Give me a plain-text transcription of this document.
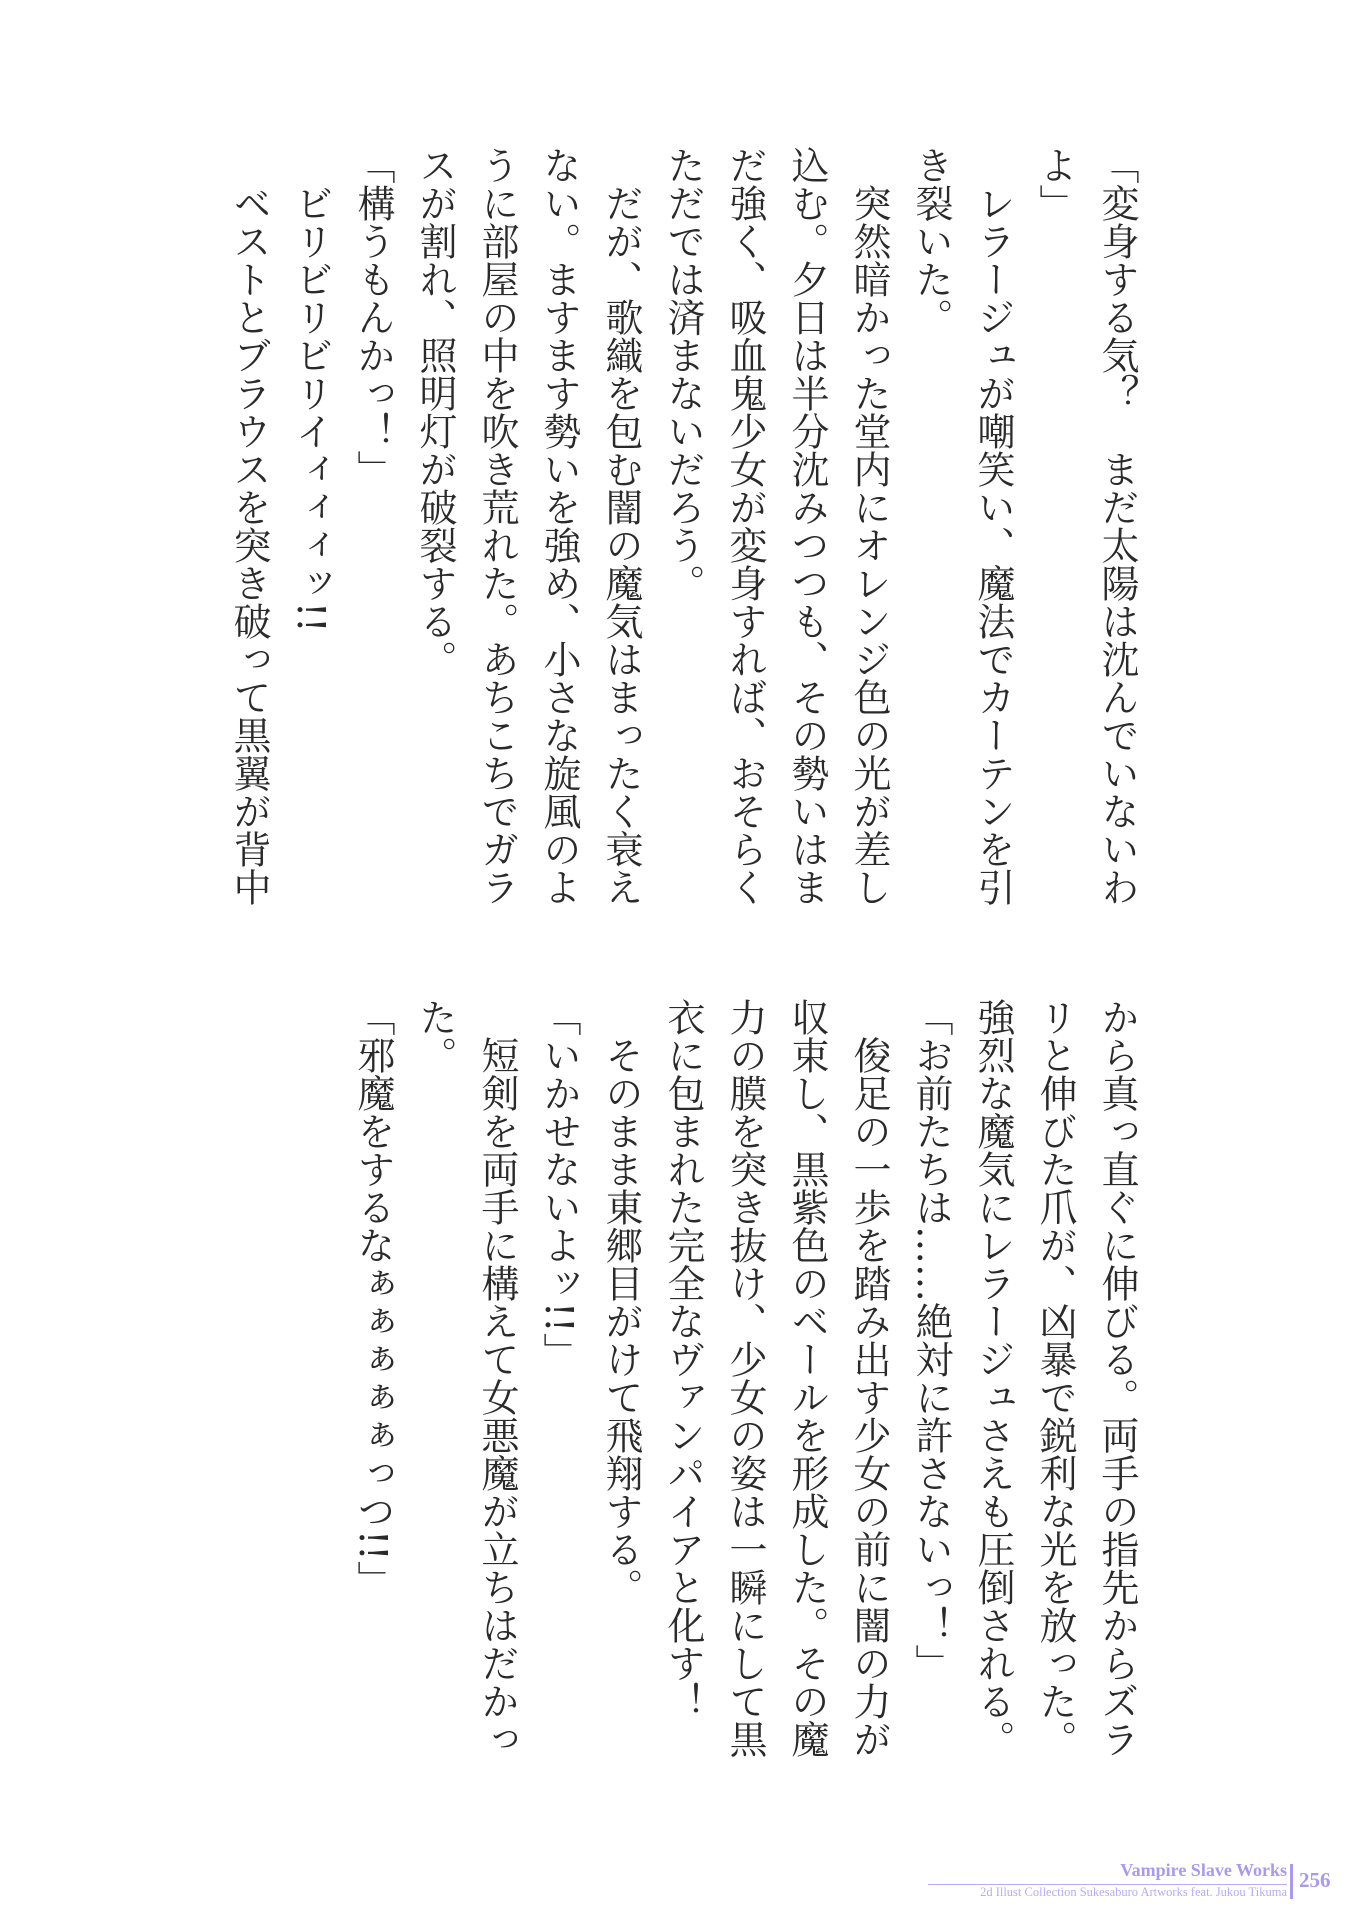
「変身する気？　まだ太陽は沈んでいないわ
よ」
　レラージュが嘲笑い、魔法でカーテンを引
き裂いた。
　突然暗かった堂内にオレンジ色の光が差し
込む。夕日は半分沈みつつも、その勢いはま
だ強く、吸血鬼少女が変身すれば、おそらく
ただでは済まないだろう。
　だが、歌織を包む闇の魔気はまったく衰え
ない。ますます勢いを強め、小さな旋風のよ
うに部屋の中を吹き荒れた。あちこちでガラ
スが割れ、照明灯が破裂する。
「構うもんかっ！」
　ビリビリビリイィィィッ!!
　ベストとブラウスを突き破って黒翼が背中
から真っ直ぐに伸びる。両手の指先からズラ
リと伸びた爪が、凶暴で鋭利な光を放った。
強烈な魔気にレラージュさえも圧倒される。
「お前たちは……絶対に許さないっ！」
　俊足の一歩を踏み出す少女の前に闇の力が
収束し、黒紫色のベールを形成した。その魔
力の膜を突き抜け、少女の姿は一瞬にして黒
衣に包まれた完全なヴァンパイアと化す！
　そのまま東郷目がけて飛翔する。
「いかせないよッ!!」
　短剣を両手に構えて女悪魔が立ちはだかっ
た。
「邪魔をするなぁぁぁぁぁっつ!!」
Vampire Slave Works
2d Illust Collection Sukesaburo Artworks feat. Jukou Tikuma 256
